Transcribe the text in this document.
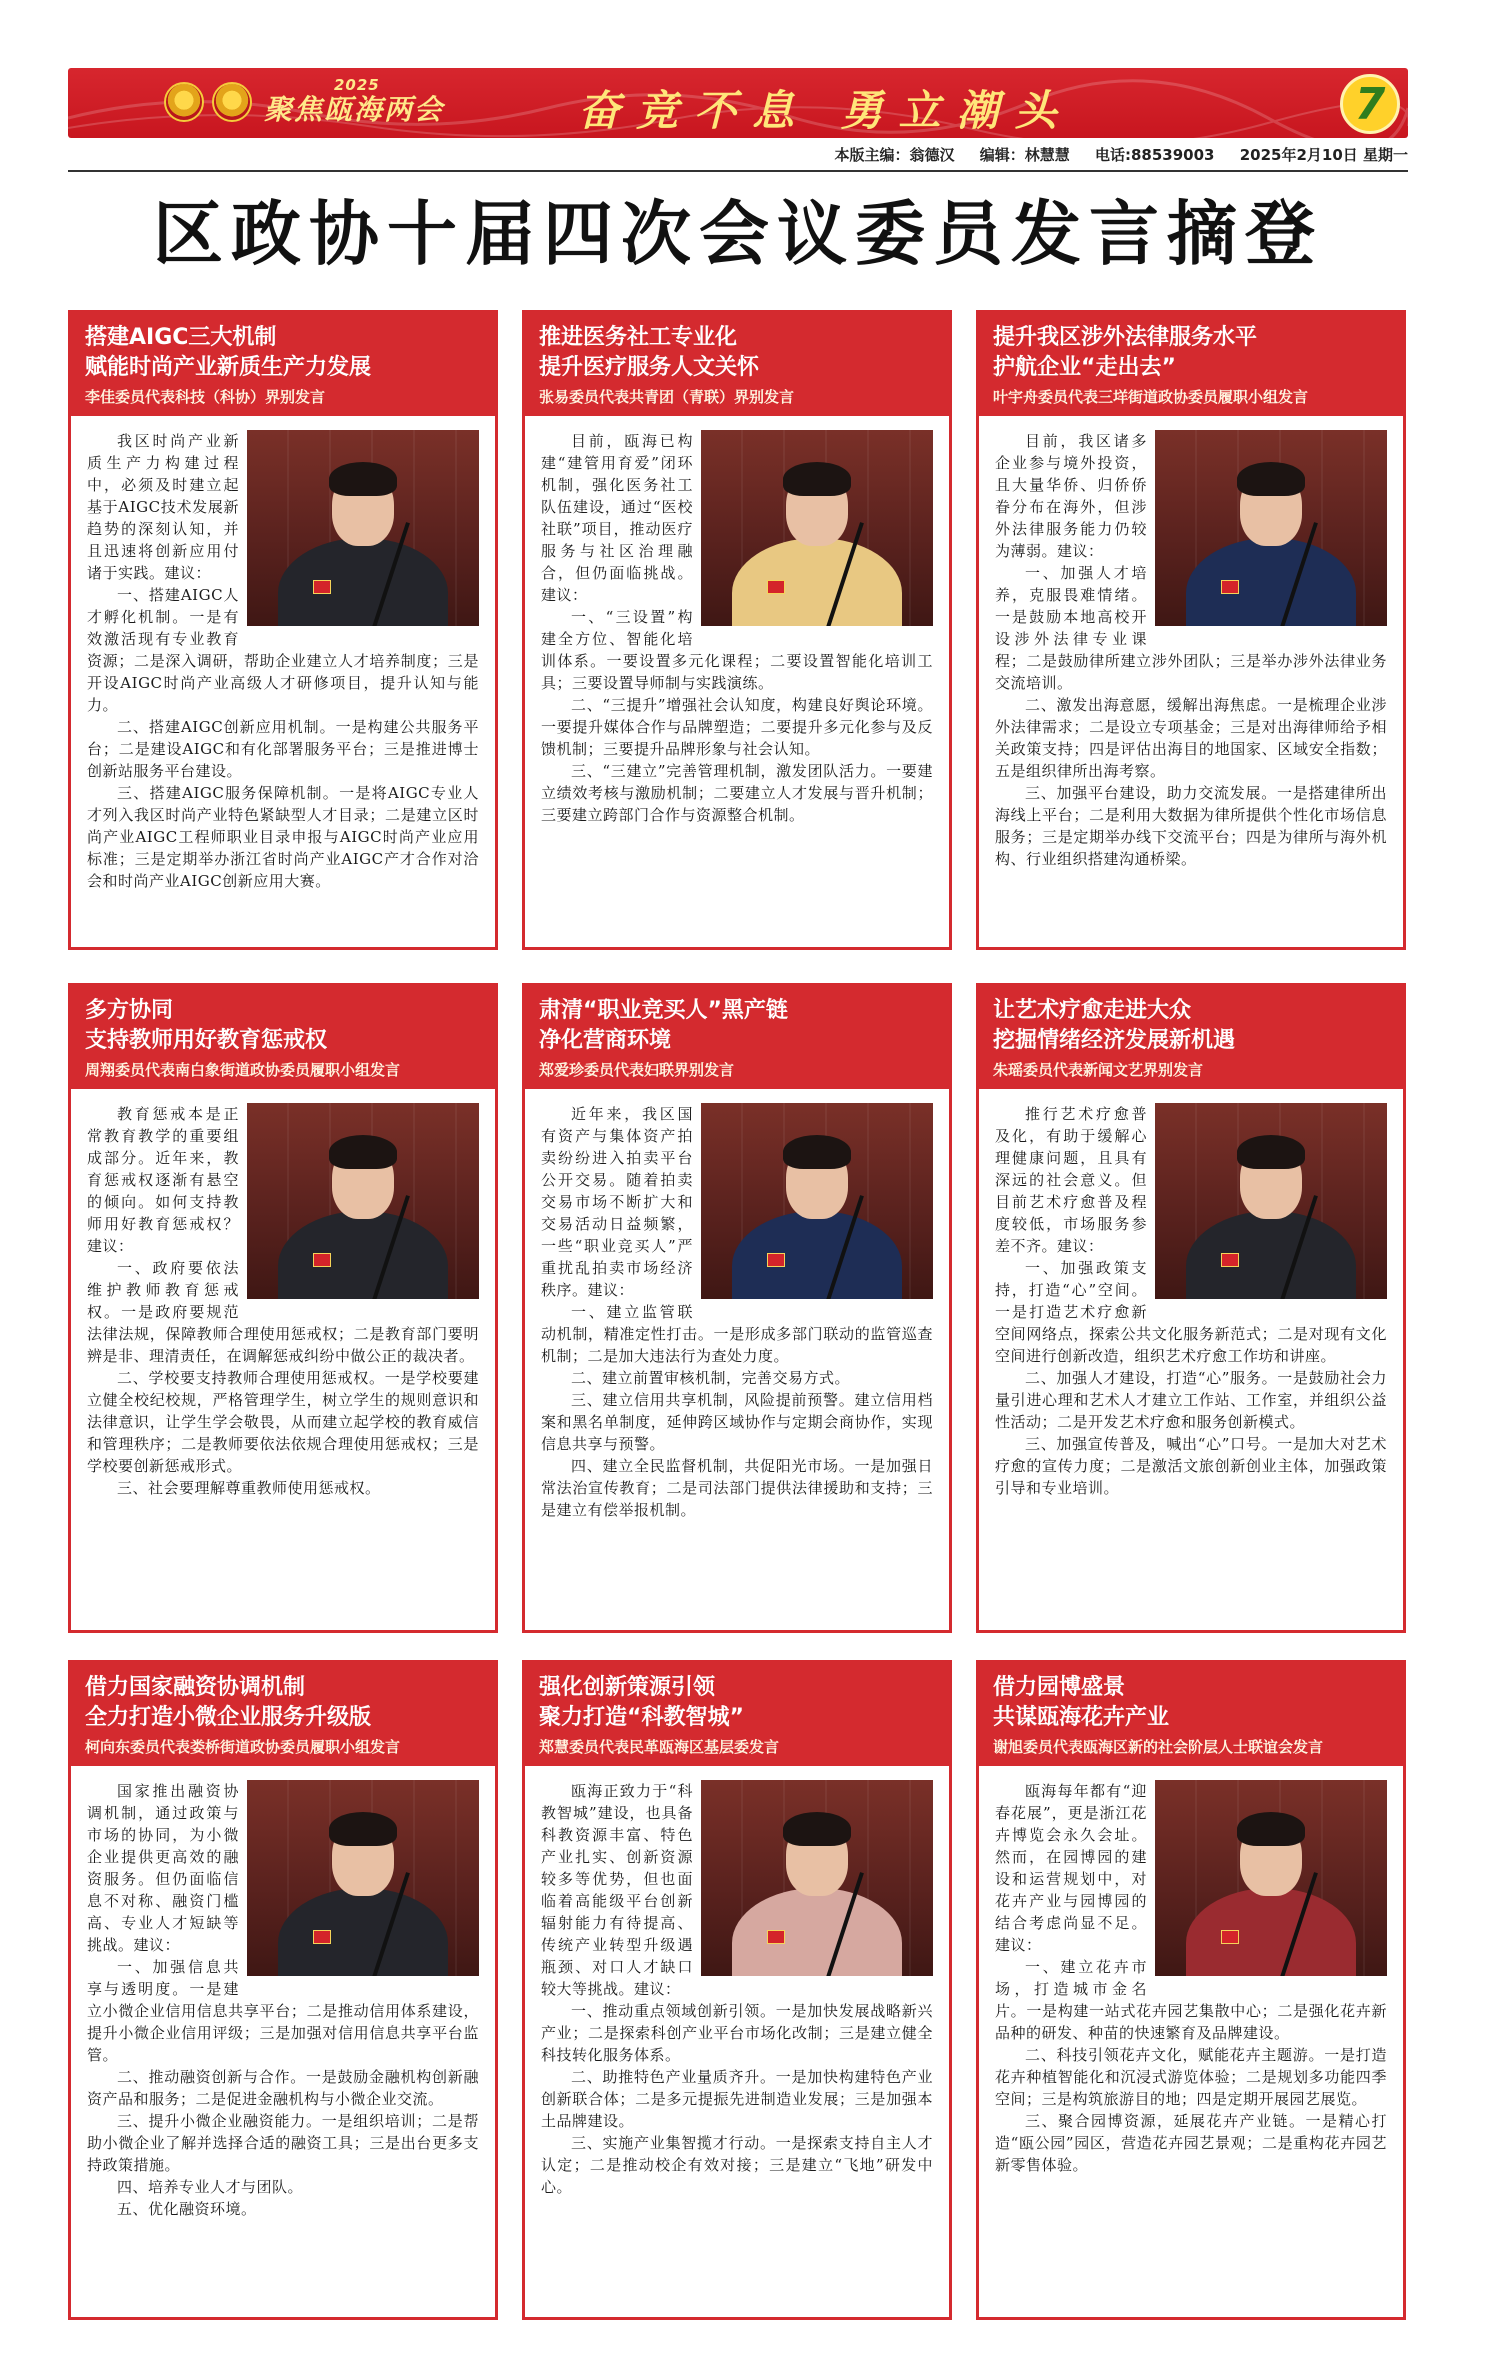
2025
聚焦瓯海两会	奋竞不息 勇立潮头	7
本版主编：翁德汉 编辑：林慧慧 电话:88539003 2025年2月10日 星期一
区政协十届四次会议委员发言摘登
搭建AIGC三大机制
赋能时尚产业新质生产力发展
李佳委员代表科技（科协）界别发言

我区时尚产业新质生产力构建过程中，必须及时建立起基于AIGC技术发展新趋势的深刻认知，并且迅速将创新应用付诸于实践。建议：

一、搭建AIGC人才孵化机制。一是有效激活现有专业教育资源；二是深入调研，帮助企业建立人才培养制度；三是开设AIGC时尚产业高级人才研修项目，提升认知与能力。

二、搭建AIGC创新应用机制。一是构建公共服务平台；二是建设AIGC和有化部署服务平台；三是推进博士创新站服务平台建设。

三、搭建AIGC服务保障机制。一是将AIGC专业人才列入我区时尚产业特色紧缺型人才目录；二是建立区时尚产业AIGC工程师职业目录申报与AIGC时尚产业应用标准；三是定期举办浙江省时尚产业AIGC产才合作对洽会和时尚产业AIGC创新应用大赛。

推进医务社工专业化
提升医疗服务人文关怀
张易委员代表共青团（青联）界别发言

目前，瓯海已构建“建管用育爱”闭环机制，强化医务社工队伍建设，通过“医校社联”项目，推动医疗服务与社区治理融合，但仍面临挑战。建议：

一、“三设置”构建全方位、智能化培训体系。一要设置多元化课程；二要设置智能化培训工具；三要设置导师制与实践演练。

二、“三提升”增强社会认知度，构建良好舆论环境。一要提升媒体合作与品牌塑造；二要提升多元化参与及反馈机制；三要提升品牌形象与社会认知。

三、“三建立”完善管理机制，激发团队活力。一要建立绩效考核与激励机制；二要建立人才发展与晋升机制；三要建立跨部门合作与资源整合机制。

提升我区涉外法律服务水平
护航企业“走出去”
叶宇舟委员代表三垟街道政协委员履职小组发言

目前，我区诸多企业参与境外投资，且大量华侨、归侨侨眷分布在海外，但涉外法律服务能力仍较为薄弱。建议：

一、加强人才培养，克服畏难情绪。一是鼓励本地高校开设涉外法律专业课程；二是鼓励律所建立涉外团队；三是举办涉外法律业务交流培训。

二、激发出海意愿，缓解出海焦虑。一是梳理企业涉外法律需求；二是设立专项基金；三是对出海律师给予相关政策支持；四是评估出海目的地国家、区域安全指数；五是组织律所出海考察。

三、加强平台建设，助力交流发展。一是搭建律所出海线上平台；二是利用大数据为律所提供个性化市场信息服务；三是定期举办线下交流平台；四是为律所与海外机构、行业组织搭建沟通桥梁。

多方协同
支持教师用好教育惩戒权
周翔委员代表南白象街道政协委员履职小组发言

教育惩戒本是正常教育教学的重要组成部分。近年来，教育惩戒权逐渐有悬空的倾向。如何支持教师用好教育惩戒权？建议：

一、政府要依法维护教师教育惩戒权。一是政府要规范法律法规，保障教师合理使用惩戒权；二是教育部门要明辨是非、理清责任，在调解惩戒纠纷中做公正的裁决者。

二、学校要支持教师合理使用惩戒权。一是学校要建立健全校纪校规，严格管理学生，树立学生的规则意识和法律意识，让学生学会敬畏，从而建立起学校的教育威信和管理秩序；二是教师要依法依规合理使用惩戒权；三是学校要创新惩戒形式。

三、社会要理解尊重教师使用惩戒权。

肃清“职业竞买人”黑产链
净化营商环境
郑爱珍委员代表妇联界别发言

近年来，我区国有资产与集体资产拍卖纷纷进入拍卖平台公开交易。随着拍卖交易市场不断扩大和交易活动日益频繁，一些“职业竞买人”严重扰乱拍卖市场经济秩序。建议：

一、建立监管联动机制，精准定性打击。一是形成多部门联动的监管巡查机制；二是加大违法行为查处力度。

二、建立前置审核机制，完善交易方式。

三、建立信用共享机制，风险提前预警。建立信用档案和黑名单制度，延伸跨区域协作与定期会商协作，实现信息共享与预警。

四、建立全民监督机制，共促阳光市场。一是加强日常法治宣传教育；二是司法部门提供法律援助和支持；三是建立有偿举报机制。

让艺术疗愈走进大众
挖掘情绪经济发展新机遇
朱瑶委员代表新闻文艺界别发言

推行艺术疗愈普及化，有助于缓解心理健康问题，且具有深远的社会意义。但目前艺术疗愈普及程度较低，市场服务参差不齐。建议：

一、加强政策支持，打造“心”空间。一是打造艺术疗愈新空间网络点，探索公共文化服务新范式；二是对现有文化空间进行创新改造，组织艺术疗愈工作坊和讲座。

二、加强人才建设，打造“心”服务。一是鼓励社会力量引进心理和艺术人才建立工作站、工作室，并组织公益性活动；二是开发艺术疗愈和服务创新模式。

三、加强宣传普及，喊出“心”口号。一是加大对艺术疗愈的宣传力度；二是激活文旅创新创业主体，加强政策引导和专业培训。

借力国家融资协调机制
全力打造小微企业服务升级版
柯向东委员代表娄桥街道政协委员履职小组发言

国家推出融资协调机制，通过政策与市场的协同，为小微企业提供更高效的融资服务。但仍面临信息不对称、融资门槛高、专业人才短缺等挑战。建议：

一、加强信息共享与透明度。一是建立小微企业信用信息共享平台；二是推动信用体系建设，提升小微企业信用评级；三是加强对信用信息共享平台监管。

二、推动融资创新与合作。一是鼓励金融机构创新融资产品和服务；二是促进金融机构与小微企业交流。

三、提升小微企业融资能力。一是组织培训；二是帮助小微企业了解并选择合适的融资工具；三是出台更多支持政策措施。

四、培养专业人才与团队。

五、优化融资环境。

强化创新策源引领
聚力打造“科教智城”
郑慧委员代表民革瓯海区基层委发言

瓯海正致力于“科教智城”建设，也具备科教资源丰富、特色产业扎实、创新资源较多等优势，但也面临着高能级平台创新辐射能力有待提高、传统产业转型升级遇瓶颈、对口人才缺口较大等挑战。建议：

一、推动重点领域创新引领。一是加快发展战略新兴产业；二是探索科创产业平台市场化改制；三是建立健全科技转化服务体系。

二、助推特色产业量质齐升。一是加快构建特色产业创新联合体；二是多元提振先进制造业发展；三是加强本土品牌建设。

三、实施产业集智揽才行动。一是探索支持自主人才认定；二是推动校企有效对接；三是建立“飞地”研发中心。

借力园博盛景
共谋瓯海花卉产业
谢旭委员代表瓯海区新的社会阶层人士联谊会发言

瓯海每年都有“迎春花展”，更是浙江花卉博览会永久会址。然而，在园博园的建设和运营规划中，对花卉产业与园博园的结合考虑尚显不足。建议：

一、建立花卉市场，打造城市金名片。一是构建一站式花卉园艺集散中心；二是强化花卉新品种的研发、种苗的快速繁育及品牌建设。

二、科技引领花卉文化，赋能花卉主题游。一是打造花卉种植智能化和沉浸式游览体验；二是规划多功能四季空间；三是构筑旅游目的地；四是定期开展园艺展览。

三、聚合园博资源，延展花卉产业链。一是精心打造“瓯公园”园区，营造花卉园艺景观；二是重构花卉园艺新零售体验。
